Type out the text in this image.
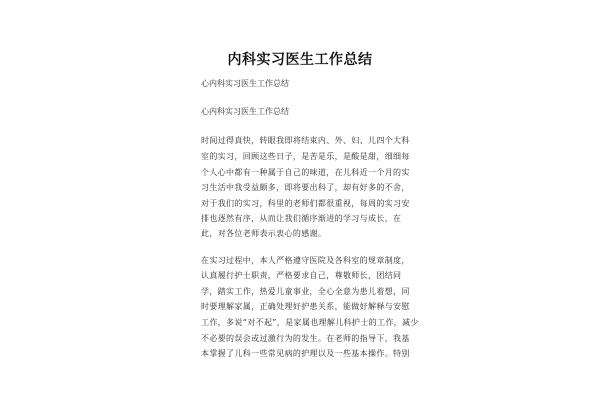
内科实习医生工作总结
心内科实习医生工作总结
心内科实习医生工作总结
时间过得真快，转眼我即将结束内、外、妇、儿四个大科
室的实习，回顾这些日子，是苦是乐，是酸是甜，细细每
个人心中都有一种属于自己的味道，在儿科近一个月的实
习生活中我受益颇多，即将要出科了，却有好多的不舍，
对于我们的实习，科里的老师们都很重视，每周的实习安
排也逐然有序，从而让我们循序渐进的学习与成长，在
此，对各位老师表示衷心的感谢。
在实习过程中，本人严格遵守医院及各科室的规章制度，
认真履行护士职责，严格要求自己，尊敬师长，团结同
学，踏实工作，热爱儿童事业，全心全意为患儿着想，同
时要理解家属，正确处理好护患关系，能做好解释与安慰
工作，多说“对不起”，是家属也理解儿科护士的工作，减少
不必要的误会或过激行为的发生。在老师的指导下，我基
本掌握了儿科一些常见病的护理以及一些基本操作。特别
